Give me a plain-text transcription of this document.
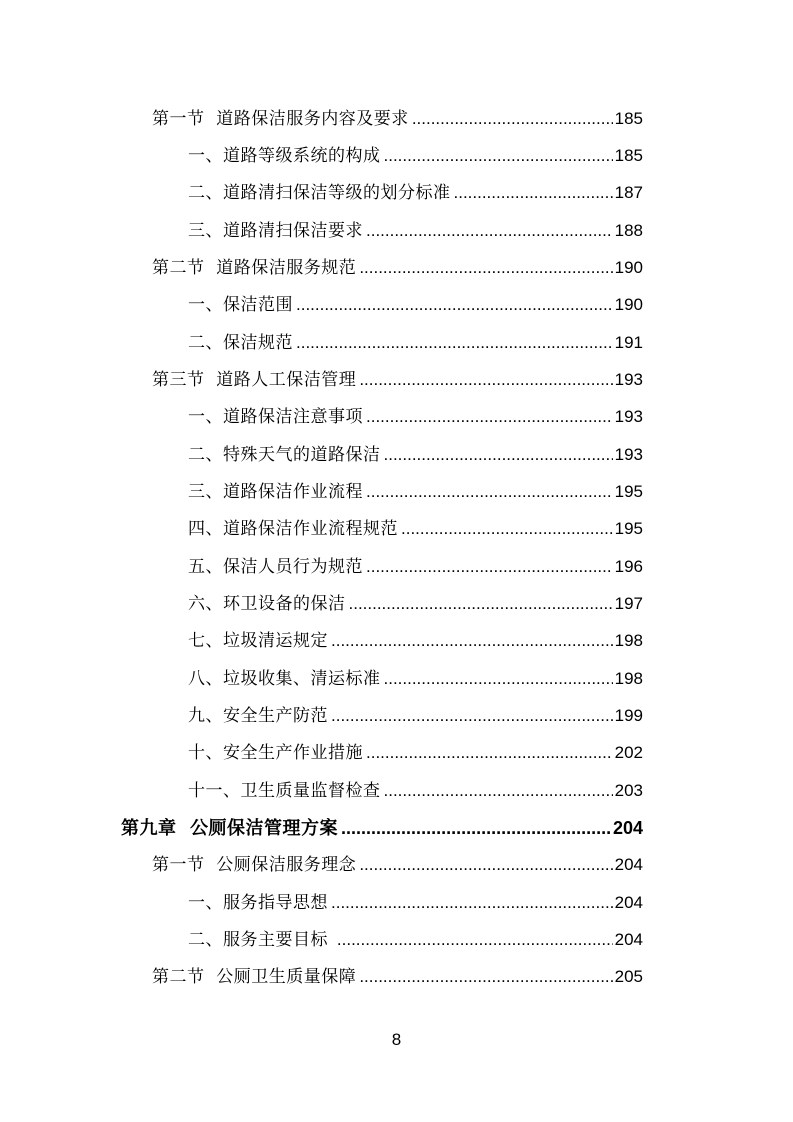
第一节  道路保洁服务内容及要求 .....	185
一、道路等级系统的构成 .....	185
二、道路清扫保洁等级的划分标准 .....	187
三、道路清扫保洁要求 .....	188
第二节  道路保洁服务规范 .....	190
一、保洁范围 .....	190
二、保洁规范 .....	191
第三节  道路人工保洁管理 .....	193
一、道路保洁注意事项 .....	193
二、特殊天气的道路保洁 .....	193
三、道路保洁作业流程 .....	195
四、道路保洁作业流程规范 .....	195
五、保洁人员行为规范 .....	196
六、环卫设备的保洁 .....	197
七、垃圾清运规定 .....	198
八、垃圾收集、清运标准 .....	198
九、安全生产防范 .....	199
十、安全生产作业措施 .....	202
十一、卫生质量监督检查 .....	203
第九章  公厕保洁管理方案 .....	204
第一节  公厕保洁服务理念 .....	204
一、服务指导思想 .....	204
二、服务主要目标 .....	204
第二节  公厕卫生质量保障 .....	205
8
